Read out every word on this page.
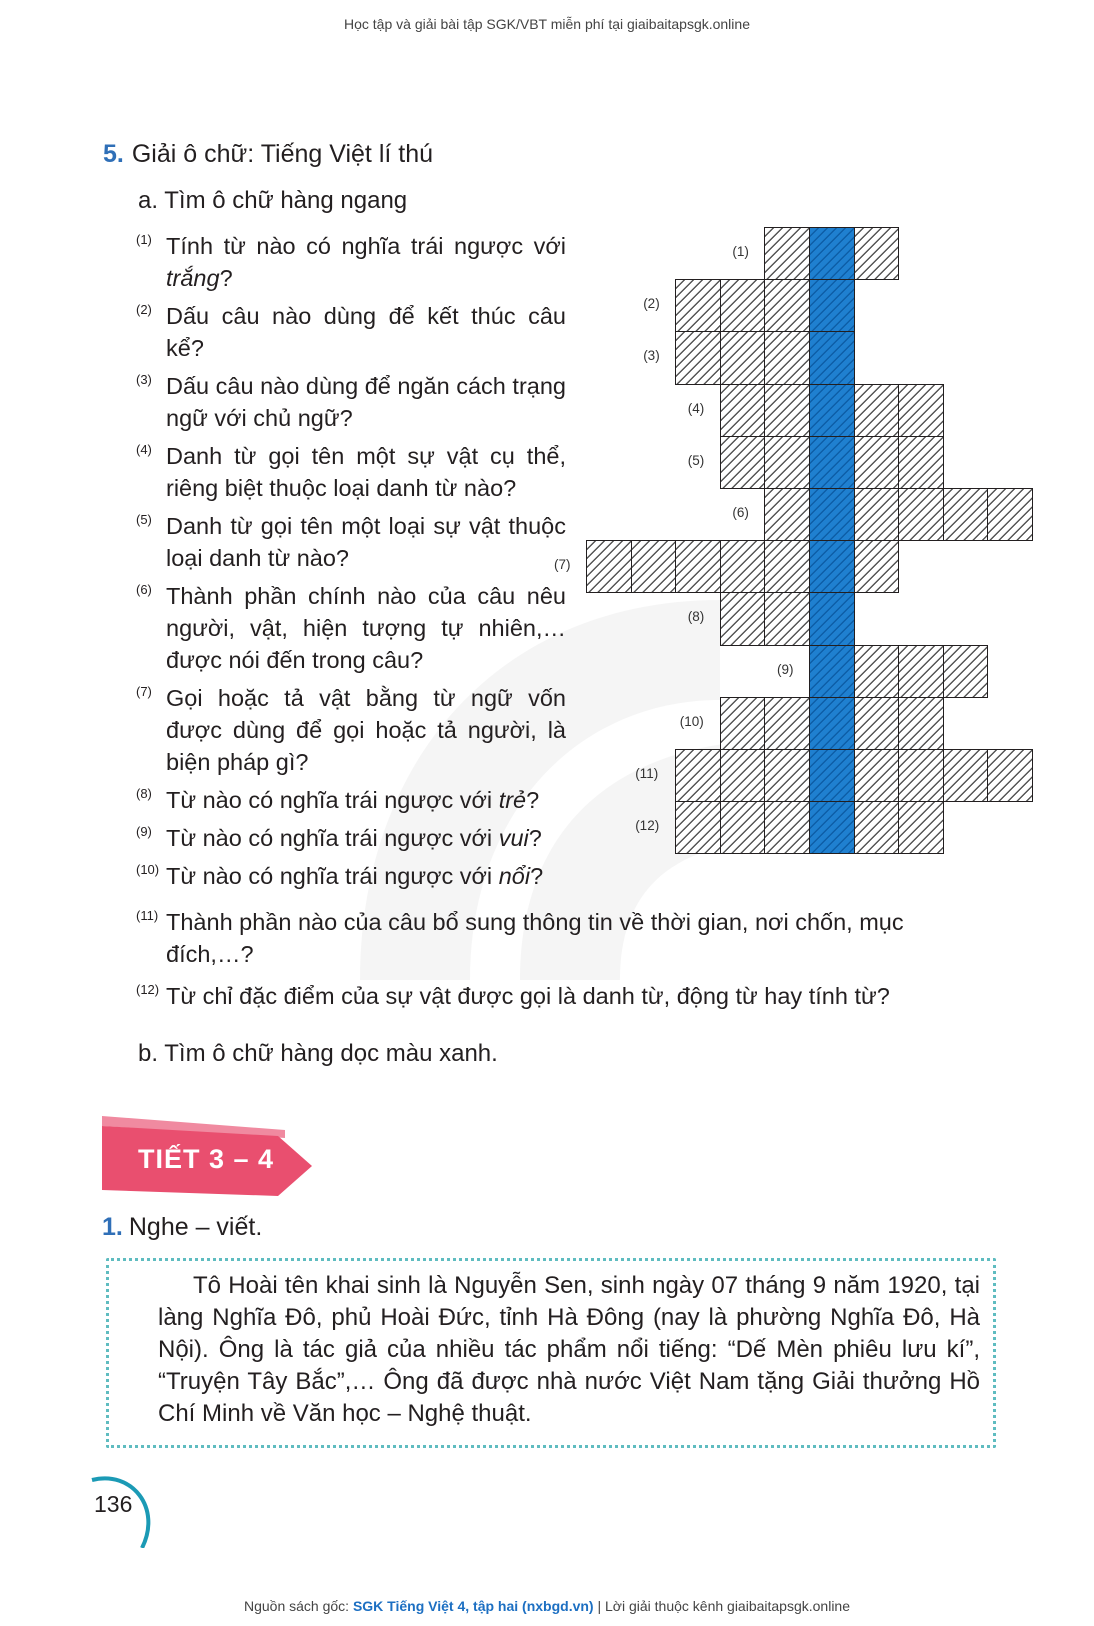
Học tập và giải bài tập SGK/VBT miễn phí tại giaibaitapsgk.online
5. Giải ô chữ: Tiếng Việt lí thú
a. Tìm ô chữ hàng ngang
(1) Tính từ nào có nghĩa trái ngược với trắng?
(2) Dấu câu nào dùng để kết thúc câu kể?
(3) Dấu câu nào dùng để ngăn cách trạng ngữ với chủ ngữ?
(4) Danh từ gọi tên một sự vật cụ thể, riêng biệt thuộc loại danh từ nào?
(5) Danh từ gọi tên một loại sự vật thuộc loại danh từ nào?
(6) Thành phần chính nào của câu nêu người, vật, hiện tượng tự nhiên,… được nói đến trong câu?
(7) Gọi hoặc tả vật bằng từ ngữ vốn được dùng để gọi hoặc tả người, là biện pháp gì?
(8) Từ nào có nghĩa trái ngược với trẻ?
(9) Từ nào có nghĩa trái ngược với vui?
(10) Từ nào có nghĩa trái ngược với nổi?
(11) Thành phần nào của câu bổ sung thông tin về thời gian, nơi chốn, mục đích,…?
(12) Từ chỉ đặc điểm của sự vật được gọi là danh từ, động từ hay tính từ?
(1)
(2)
(3)
(4)
(5)
(6)
(7)
(8)
(9)
(10)
(11)
(12)
b. Tìm ô chữ hàng dọc màu xanh.
TIẾT 3 – 4
1. Nghe – viết.
Tô Hoài tên khai sinh là Nguyễn Sen, sinh ngày 07 tháng 9 năm 1920, tại làng Nghĩa Đô, phủ Hoài Đức, tỉnh Hà Đông (nay là phường Nghĩa Đô, Hà Nội). Ông là tác giả của nhiều tác phẩm nổi tiếng: “Dế Mèn phiêu lưu kí”, “Truyện Tây Bắc”,… Ông đã được nhà nước Việt Nam tặng Giải thưởng Hồ Chí Minh về Văn học – Nghệ thuật.
136
Nguồn sách gốc: SGK Tiếng Việt 4, tập hai (nxbgd.vn) | Lời giải thuộc kênh giaibaitapsgk.online
